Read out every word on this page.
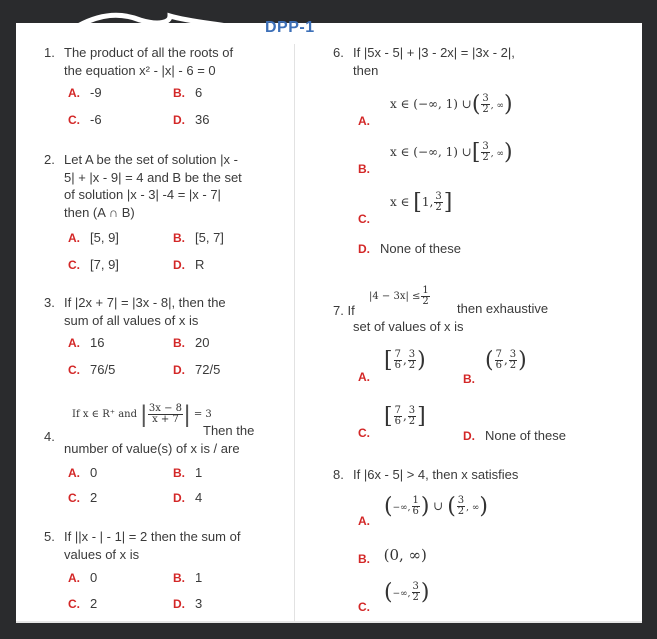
DPP-1
1. The product of all the roots of
the equation x² - |x| - 6 = 0
A. -9	B. 6
C. -6	D. 36
2. Let A be the set of solution |x -
5| + |x - 9| = 4 and B be the set
of solution |x - 3| -4 = |x - 7|
then (A ∩ B)
A. [5, 9]	B. [5, 7]
C. [7, 9]	D. R
3. If |2x + 7| = |3x - 8|, then the
sum of all values of x is
A. 16	B. 20
C. 76/5	D. 72/5
4.
If x ∈ R⁺ and | $\frac{3x - 8}{x + 7}$ | = 3
Then the
number of value(s) of x is / are
A. 0	B. 1
C. 2	D. 4
5. If ||x - | - 1| = 2 then the sum of
values of x is
A. 0	B. 1
C. 2	D. 3
6. If |5x - 5| + |3 - 2x| = |3x - 2|,
then
A.
x ∈ (−∞, 1) ∪( $\frac{3}{2}$ , ∞)
B.
x ∈ (−∞, 1) ∪[ $\frac{3}{2}$ , ∞)
C.
x ∈ [1, $\frac{3}{2}$ ]
D. None of these
7. If
$|4 - 3x| \le \frac{1}{2}$
then exhaustive
set of values of x is
A.
[ $\frac{7}{6}$ , $\frac{3}{2}$ )
B.
( $\frac{7}{6}$ , $\frac{3}{2}$ )
C.
[ $\frac{7}{6}$ , $\frac{3}{2}$ ]
D. None of these
8. If |6x - 5| > 4, then x satisfies
A.
(−∞, $\frac{1}{6}$ ) ∪ ( $\frac{3}{2}$ , ∞)
B. (0, ∞)
C.
(−∞, $\frac{3}{2}$ )
